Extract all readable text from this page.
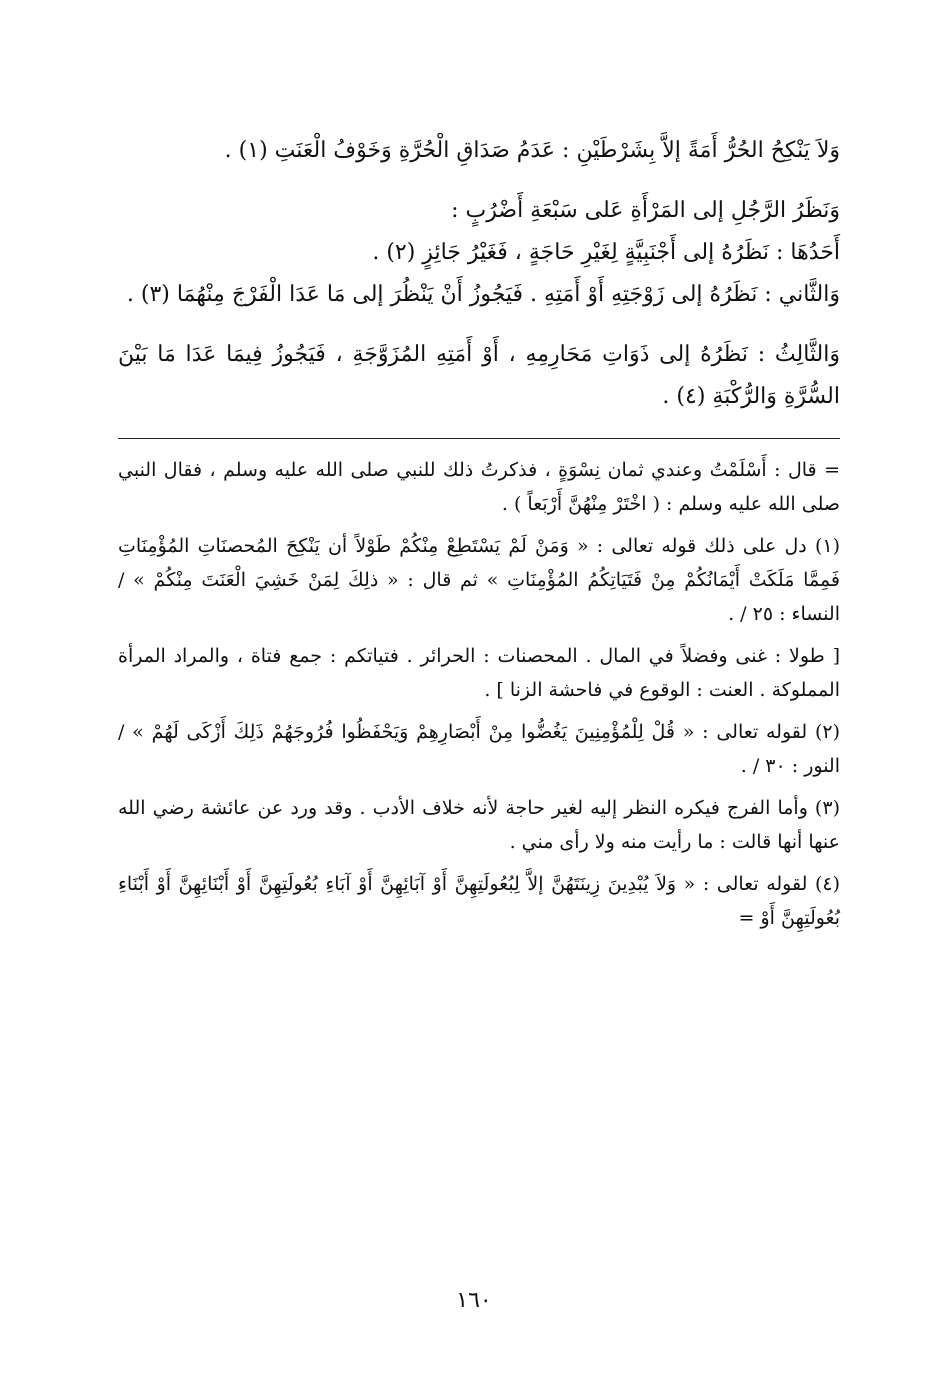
وَلاَ يَنْكِحُ الحُرُّ أَمَةً إلاَّ بِشَرْطَيْنِ : عَدَمُ صَدَاقِ الْحُرَّةِ وَخَوْفُ الْعَنَتِ (١) .

وَنَظَرُ الرَّجُلِ إلى المَرْأَةِ عَلى سَبْعَةِ أَضْرُبٍ :

أَحَدُهَا : نَظَرُهُ إلى أَجْنَبِيَّةٍ لِغَيْرِ حَاجَةٍ ، فَغَيْرُ جَائِزٍ (٢) .

وَالثَّاني : نَظَرُهُ إلى زَوْجَتِهِ أَوْ أَمَتِهِ . فَيَجُوزُ أَنْ يَنْظُرَ إلى مَا عَدَا الْفَرْجَ مِنْهُمَا (٣) .

وَالثَّالِثُ : نَظَرُهُ إلى ذَوَاتِ مَحَارِمِهِ ، أَوْ أَمَتِهِ المُزَوَّجَةِ ، فَيَجُوزُ فِيمَا عَدَا مَا بَيْنَ السُّرَّةِ وَالرُّكْبَةِ (٤) .

= قال : أَسْلَمْتُ وعندي ثمان نِسْوَةٍ ، فذكرتُ ذلك للنبي صلى الله عليه وسلم ، فقال النبي صلى الله عليه وسلم : ( اخْتَرْ مِنْهُنَّ أَرْبَعاً ) .

(١) دل على ذلك قوله تعالى : « وَمَنْ لَمْ يَسْتَطِعْ مِنْكُمْ طَوْلاً أن يَنْكِحَ المُحصنَاتِ المُؤْمِنَاتِ فَمِمَّا مَلَكَتْ أَيْمَانُكُمْ مِنْ فَتَيَاتِكُمُ المُؤْمِنَاتِ » ثم قال : « ذلِكَ لِمَنْ خَشِيَ الْعَنَتَ مِنْكُمْ » / النساء : ٢٥ / .

[ طولا : غنى وفضلاً في المال . المحصنات : الحرائر . فتياتكم : جمع فتاة ، والمراد المرأة المملوكة . العنت : الوقوع في فاحشة الزنا ] .

(٢) لقوله تعالى : « قُلْ لِلْمُؤْمِنِينَ يَغُضُّوا مِنْ أَبْصَارِهِمْ وَيَحْفَظُوا فُرُوجَهُمْ ذَلِكَ أَزْكَى لَهُمْ » / النور : ٣٠ / .

(٣) وأما الفرج فيكره النظر إليه لغير حاجة لأنه خلاف الأدب . وقد ورد عن عائشة رضي الله عنها أنها قالت : ما رأيت منه ولا رأى مني .

(٤) لقوله تعالى : « وَلاَ يُبْدِينَ زِينَتَهُنَّ إلاَّ لِبُعُولَتِهِنَّ أَوْ آبَائِهِنَّ أَوْ آبَاءِ بُعُولَتِهِنَّ أَوْ أَبْنَائِهِنَّ أَوْ أَبْنَاءِ بُعُولَتِهِنَّ أَوْ =

١٦٠
